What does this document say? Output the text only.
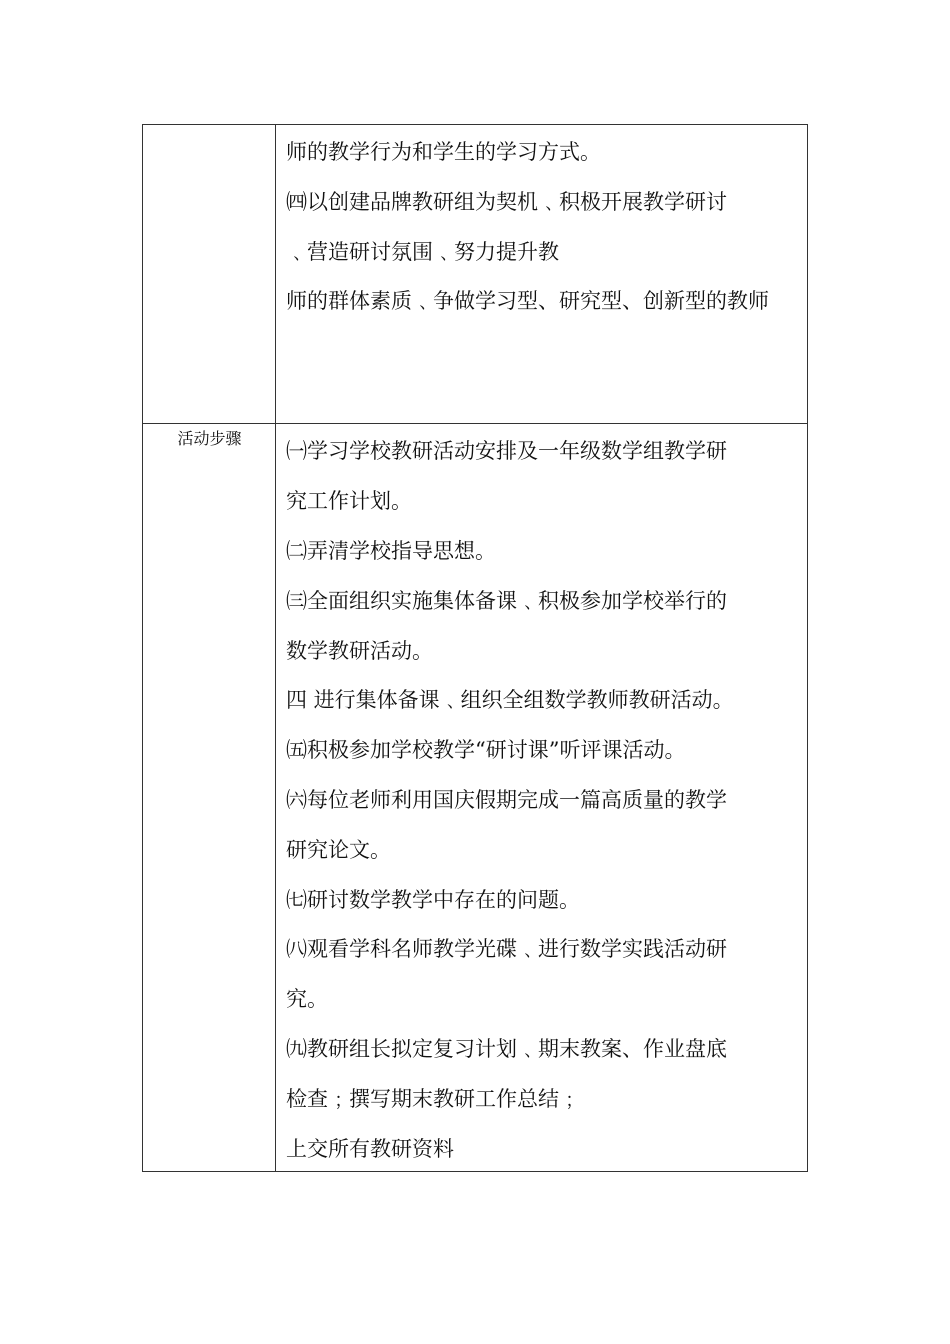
师的教学行为和学生的学习方式。
㈣以创建品牌教研组为契机﹑积极开展教学研讨
﹑营造研讨氛围﹑努力提升教
师的群体素质﹑争做学习型、研究型、创新型的教师
活动步骤
㈠学习学校教研活动安排及一年级数学组教学研
究工作计划。
㈡弄清学校指导思想。
㈢全面组织实施集体备课﹑积极参加学校举行的
数学教研活动。
四 进行集体备课﹑组织全组数学教师教研活动。
㈤积极参加学校教学“研讨课”听评课活动。
㈥每位老师利用国庆假期完成一篇高质量的教学
研究论文。
㈦研讨数学教学中存在的问题。
㈧观看学科名师教学光碟﹑进行数学实践活动研
究。
㈨教研组长拟定复习计划﹑期末教案、作业盘底
检查﹔撰写期末教研工作总结﹔
上交所有教研资料
